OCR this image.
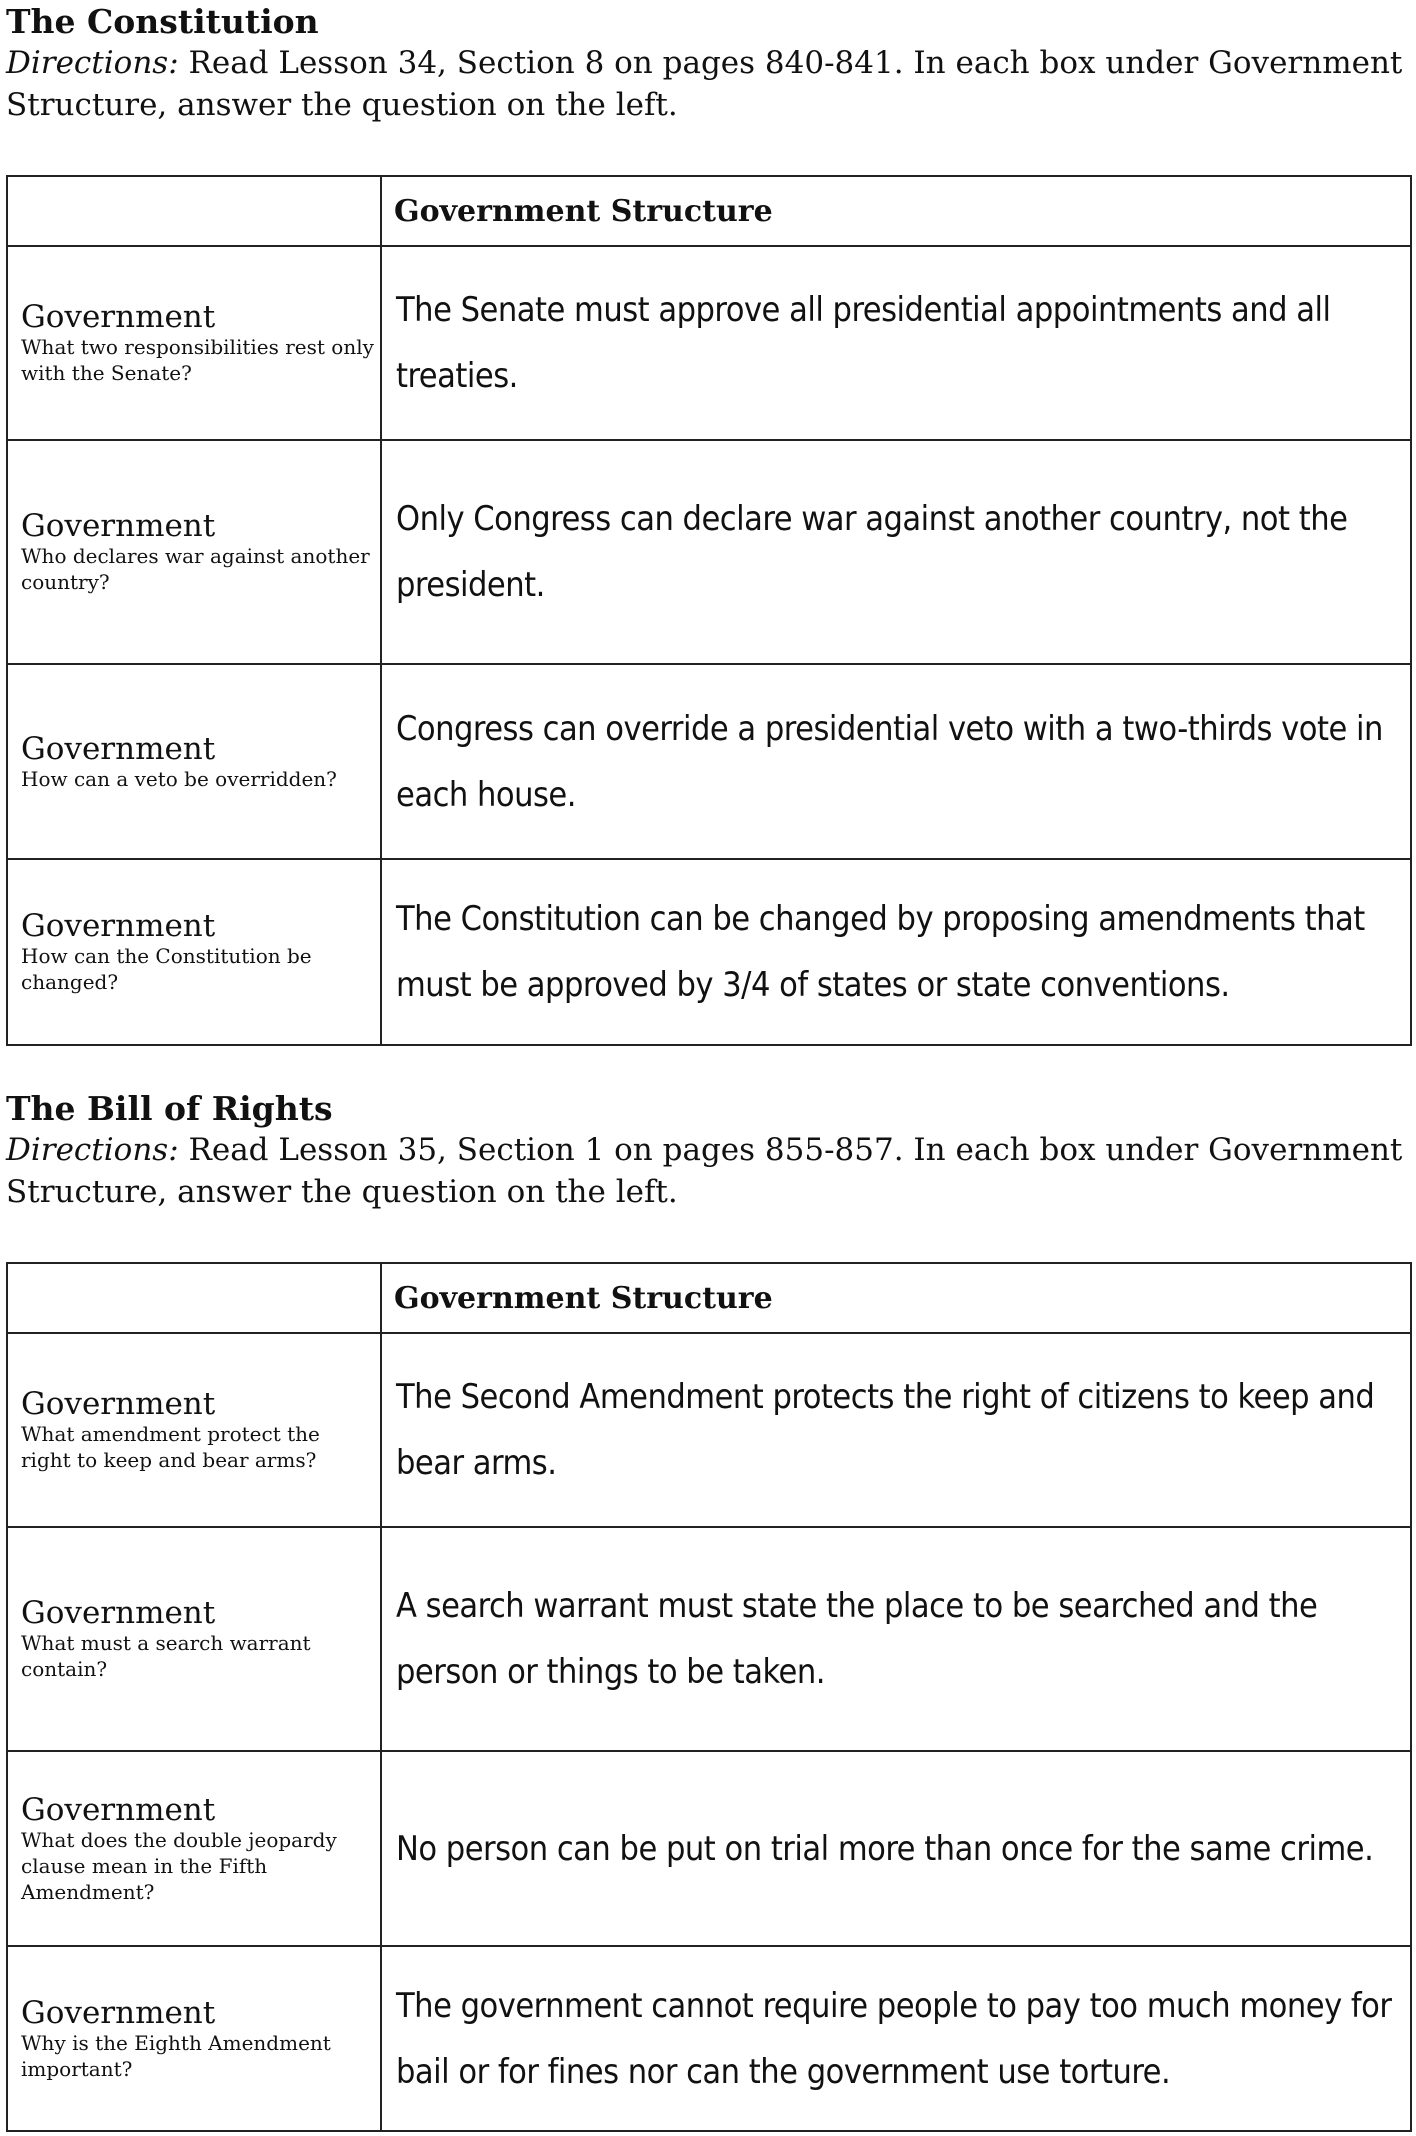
The Constitution

Directions: Read Lesson 34, Section 8 on pages 840-841. In each box under Government Structure, answer the question on the left.

	Government Structure

Government
What two responsibilities rest only with the Senate?	The Senate must approve all presidential appointments and all treaties.

Government
Who declares war against another country?	Only Congress can declare war against another country, not the president.

Government
How can a veto be overridden?	Congress can override a presidential veto with a two-thirds vote in each house.

Government
How can the Constitution be changed?	The Constitution can be changed by proposing amendments that must be approved by 3/4 of states or state conventions.
The Bill of Rights

Directions: Read Lesson 35, Section 1 on pages 855-857. In each box under Government Structure, answer the question on the left.

	Government Structure

Government
What amendment protect the right to keep and bear arms?	The Second Amendment protects the right of citizens to keep and bear arms.

Government
What must a search warrant contain?	A search warrant must state the place to be searched and the person or things to be taken.

Government
What does the double jeopardy clause mean in the Fifth Amendment?	No person can be put on trial more than once for the same crime.

Government
Why is the Eighth Amendment important?	The government cannot require people to pay too much money for bail or for fines nor can the government use torture.
